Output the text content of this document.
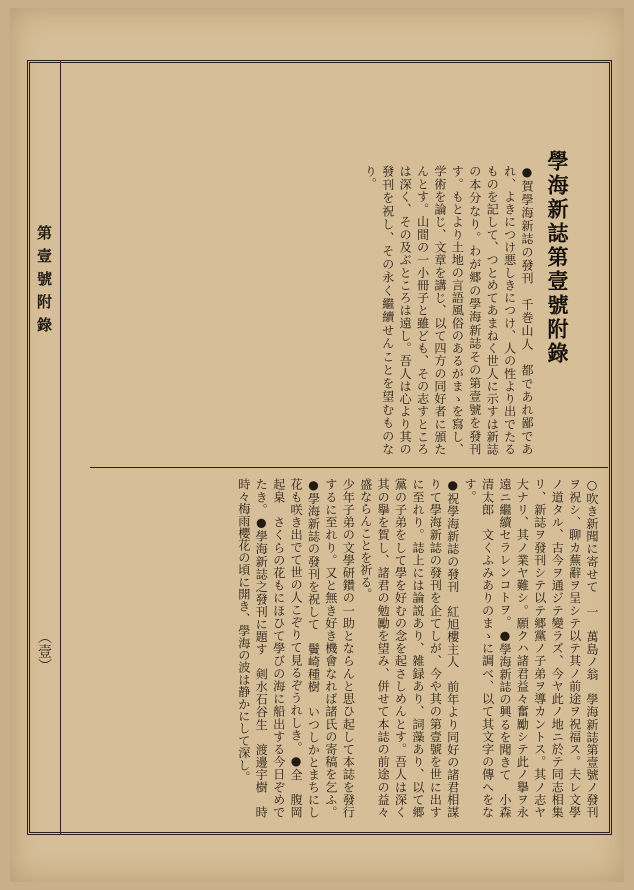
第壹號附錄
（壹）
學海新誌第壹號附錄

●賀學海新誌の發刊　千巻山人　都であれ鄙であれ、よきにつけ悪しきにつけ、人の性より出でたるものを記して、つとめてあまねく世人に示すは新誌の本分なり。わが郷の學海新誌その第壹號を發刊す。もとより土地の言語風俗のあるがまゝを寫し、学術を論じ、文章を講じ、以て四方の同好者に頒たんとす。山間の一小冊子と雖ども、その志すところは深く、その及ぶところは遠し。吾人は心より其の發刊を祝し、その永く繼續せんことを望むものなり。

○吹き新聞に寄せて　一　萬島ノ翁　學海新誌第壹號ノ發刊ヲ祝シ、聊カ蕪辭ヲ呈シテ以テ其ノ前途ヲ祝福ス。夫レ文學ノ道タル、古今ヲ通ジテ變ラズ、今ヤ此ノ地ニ於テ同志相集リ、新誌ヲ發刊シテ以テ郷黨ノ子弟ヲ導カントス。其ノ志ヤ大ナリ、其ノ業ヤ難シ。願クハ諸君益々奮勵シテ此ノ擧ヲ永遠ニ繼續セラレンコトヲ。●學海新誌の興るを聞きて　小森清太郎　文くふみありのまゝに調べ、以て其文字の傳へをなす。

●祝學海新誌の發刊　紅旭樓主人　前年より同好の諸君相謀りて學海新誌の發刊を企てしが、今や其の第壹號を世に出すに至れり。誌上には論説あり、雑録あり、詞藻あり、以て郷黨の子弟をして學を好むの念を起さしめんとす。吾人は深く其の擧を賀し、諸君の勉勵を望み、併せて本誌の前途の益々盛ならんことを祈る。

少年子弟の文學研鑽の一助とならんと思ひ起して本誌を發行するに至れり。又と無き好き機會なれば諸氏の寄稿を乞ふ。●學海新誌の發刊を祝して　鬢崎種樹　いつしかとまちにし花も咲き出でて世の人こぞりて見るぞうれしき。●全　腹岡起臬　さくらの花もにほひて學びの海に船出する今日ぞめでたき。●學海新誌之發刊に題す　剣水石谷生　渡邊宇樹　時時々梅雨櫻花の頃に開き、學海の波は静かにして深し。
